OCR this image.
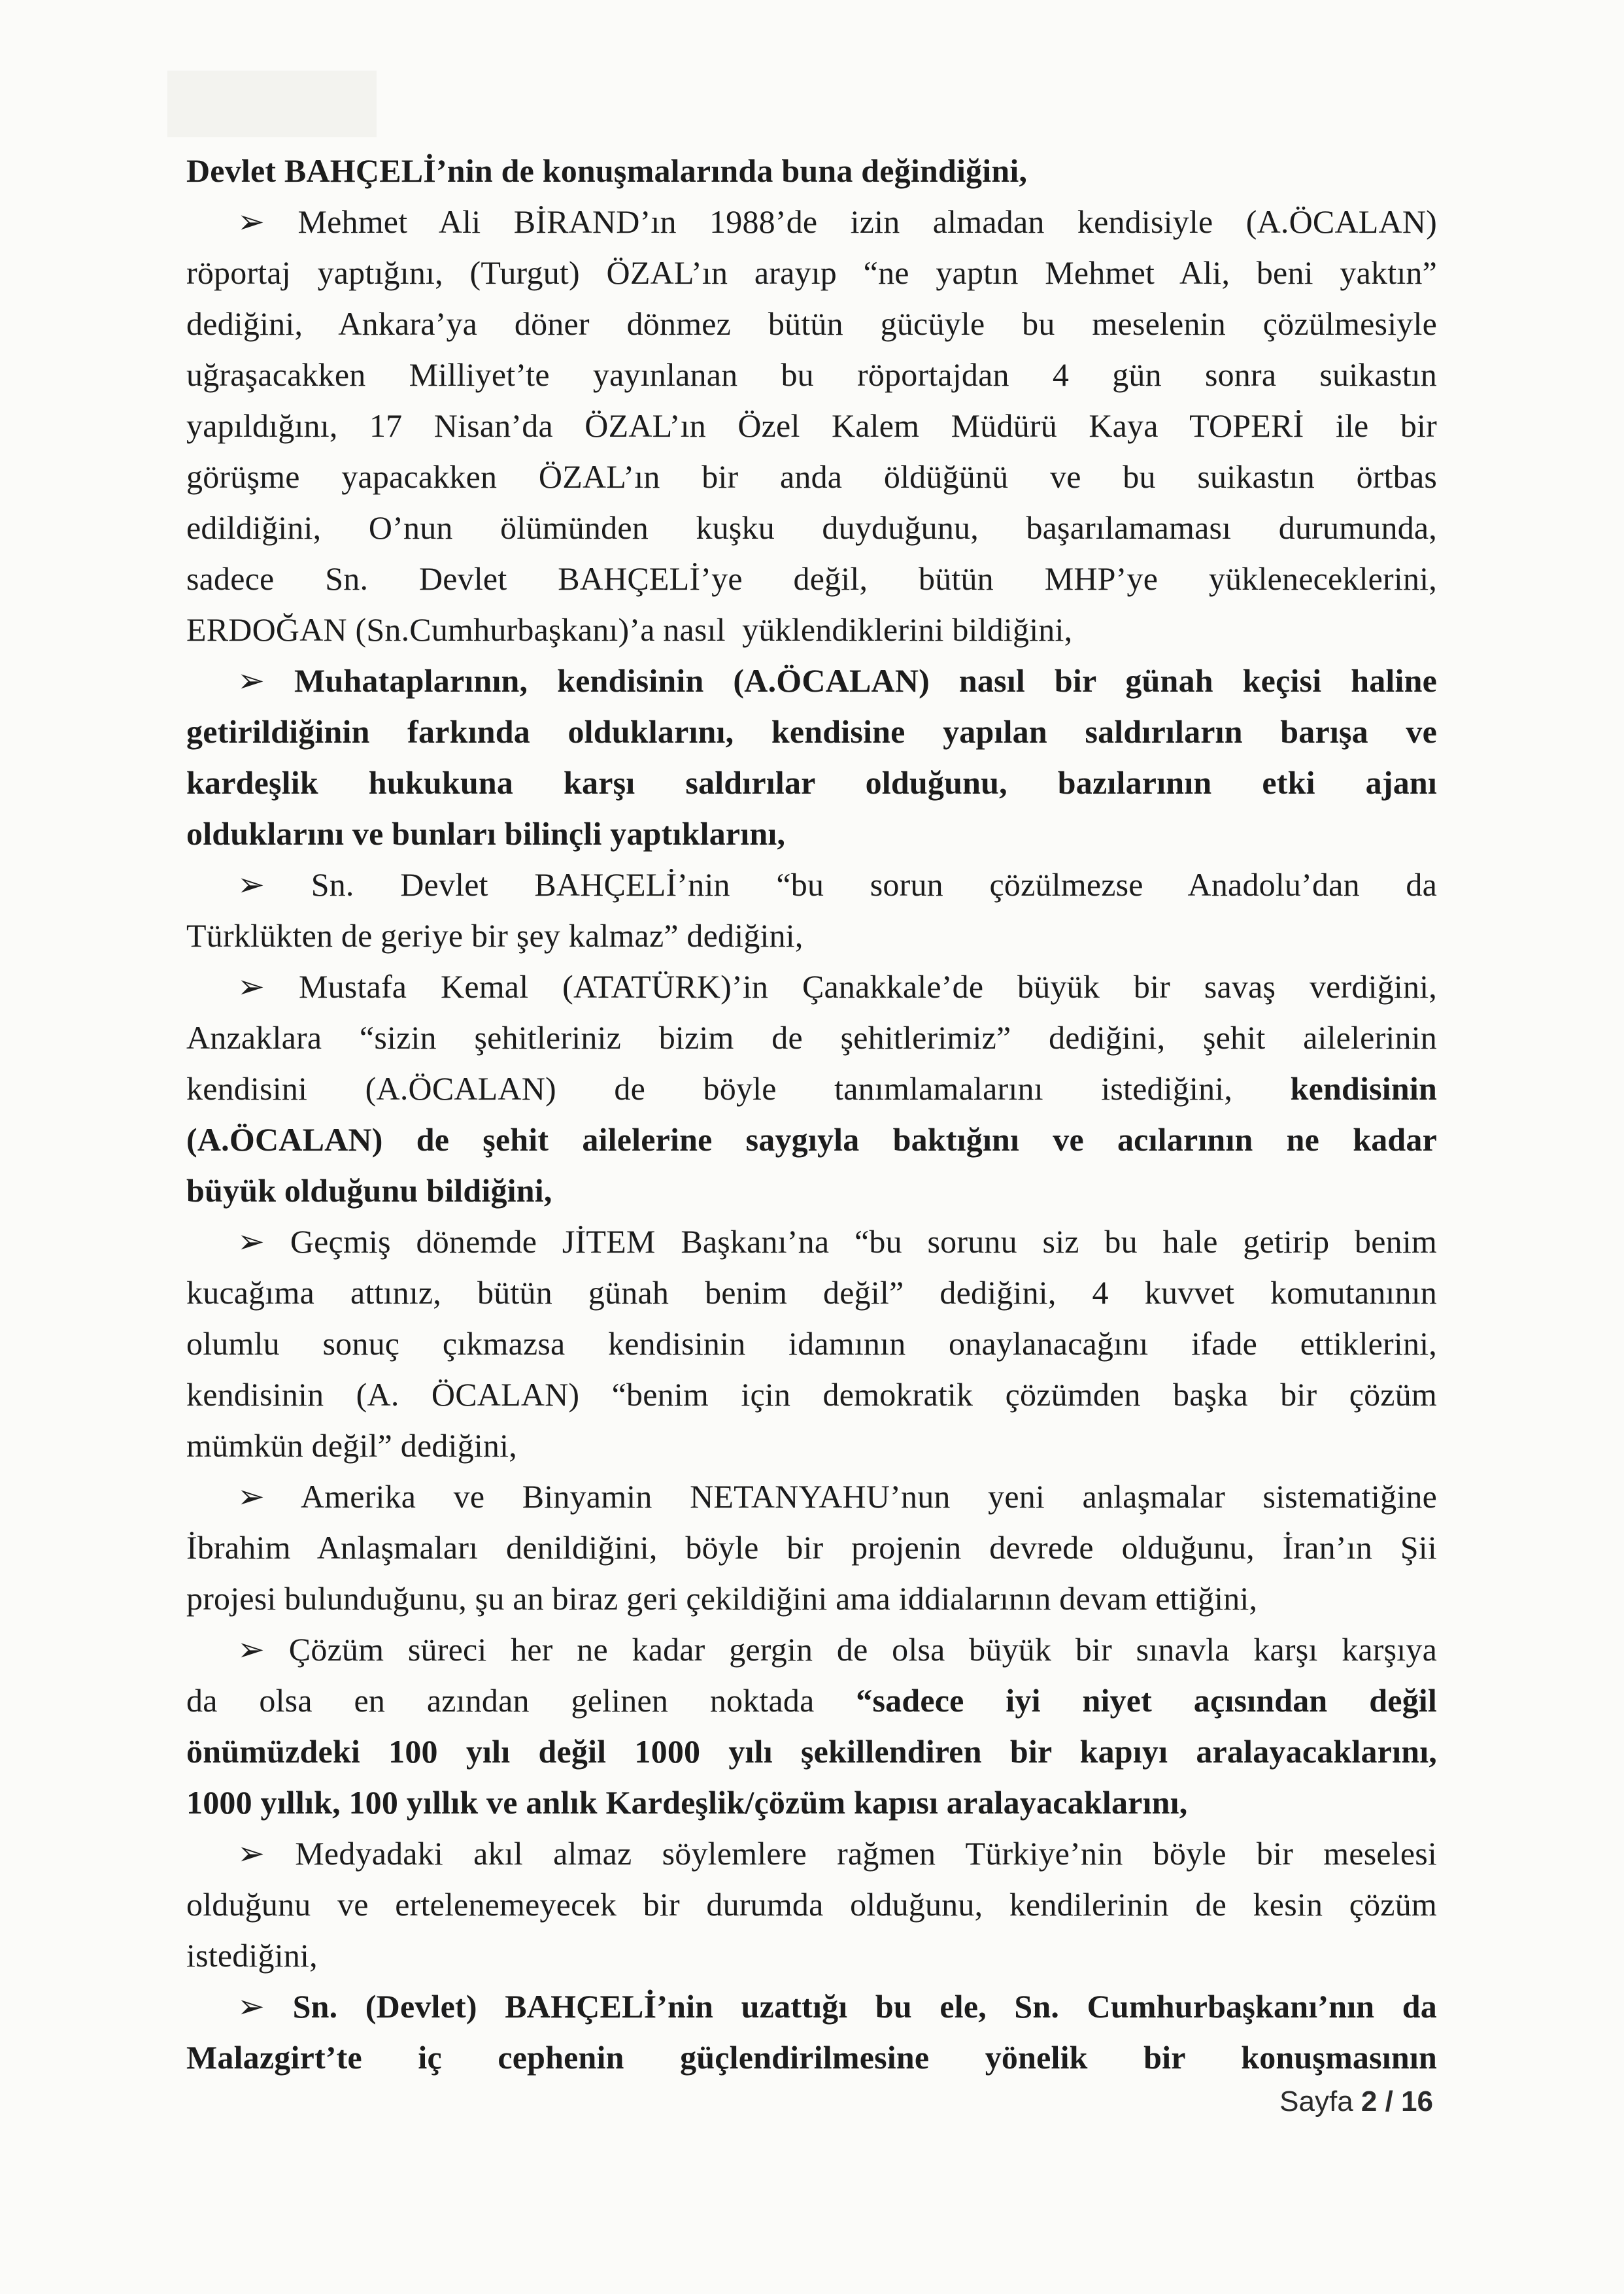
Devlet BAHÇELİ’nin de konuşmalarında buna değindiğini,
➢ Mehmet Ali BİRAND’ın 1988’de izin almadan kendisiyle (A.ÖCALAN)
röportaj yaptığını, (Turgut) ÖZAL’ın arayıp “ne yaptın Mehmet Ali, beni yaktın”
dediğini, Ankara’ya döner dönmez bütün gücüyle bu meselenin çözülmesiyle
uğraşacakken Milliyet’te yayınlanan bu röportajdan 4 gün sonra suikastın
yapıldığını, 17 Nisan’da ÖZAL’ın Özel Kalem Müdürü Kaya TOPERİ ile bir
görüşme yapacakken ÖZAL’ın bir anda öldüğünü ve bu suikastın örtbas
edildiğini, O’nun ölümünden kuşku duyduğunu, başarılamaması durumunda,
sadece Sn. Devlet BAHÇELİ’ye değil, bütün MHP’ye yükleneceklerini,
ERDOĞAN (Sn.Cumhurbaşkanı)’a nasıl  yüklendiklerini bildiğini,
➢ Muhataplarının, kendisinin (A.ÖCALAN) nasıl bir günah keçisi haline
getirildiğinin farkında olduklarını, kendisine yapılan saldırıların barışa ve
kardeşlik hukukuna karşı saldırılar olduğunu, bazılarının etki ajanı
olduklarını ve bunları bilinçli yaptıklarını,
➢ Sn. Devlet BAHÇELİ’nin “bu sorun çözülmezse Anadolu’dan da
Türklükten de geriye bir şey kalmaz” dediğini,
➢ Mustafa Kemal (ATATÜRK)’in Çanakkale’de büyük bir savaş verdiğini,
Anzaklara “sizin şehitleriniz bizim de şehitlerimiz” dediğini, şehit ailelerinin
kendisini (A.ÖCALAN) de böyle tanımlamalarını istediğini, kendisinin
(A.ÖCALAN) de şehit ailelerine saygıyla baktığını ve acılarının ne kadar
büyük olduğunu bildiğini,
➢ Geçmiş dönemde JİTEM Başkanı’na “bu sorunu siz bu hale getirip benim
kucağıma attınız, bütün günah benim değil” dediğini, 4 kuvvet komutanının
olumlu sonuç çıkmazsa kendisinin idamının onaylanacağını ifade ettiklerini,
kendisinin (A. ÖCALAN) “benim için demokratik çözümden başka bir çözüm
mümkün değil” dediğini,
➢ Amerika ve Binyamin NETANYAHU’nun yeni anlaşmalar sistematiğine
İbrahim Anlaşmaları denildiğini, böyle bir projenin devrede olduğunu, İran’ın Şii
projesi bulunduğunu, şu an biraz geri çekildiğini ama iddialarının devam ettiğini,
➢ Çözüm süreci her ne kadar gergin de olsa büyük bir sınavla karşı karşıya
da olsa en azından gelinen noktada “sadece iyi niyet açısından değil
önümüzdeki 100 yılı değil 1000 yılı şekillendiren bir kapıyı aralayacaklarını,
1000 yıllık, 100 yıllık ve anlık Kardeşlik/çözüm kapısı aralayacaklarını,
➢ Medyadaki akıl almaz söylemlere rağmen Türkiye’nin böyle bir meselesi
olduğunu ve ertelenemeyecek bir durumda olduğunu, kendilerinin de kesin çözüm
istediğini,
➢ Sn. (Devlet) BAHÇELİ’nin uzattığı bu ele, Sn. Cumhurbaşkanı’nın da
Malazgirt’te iç cephenin güçlendirilmesine yönelik bir konuşmasının
Sayfa 2 / 16
